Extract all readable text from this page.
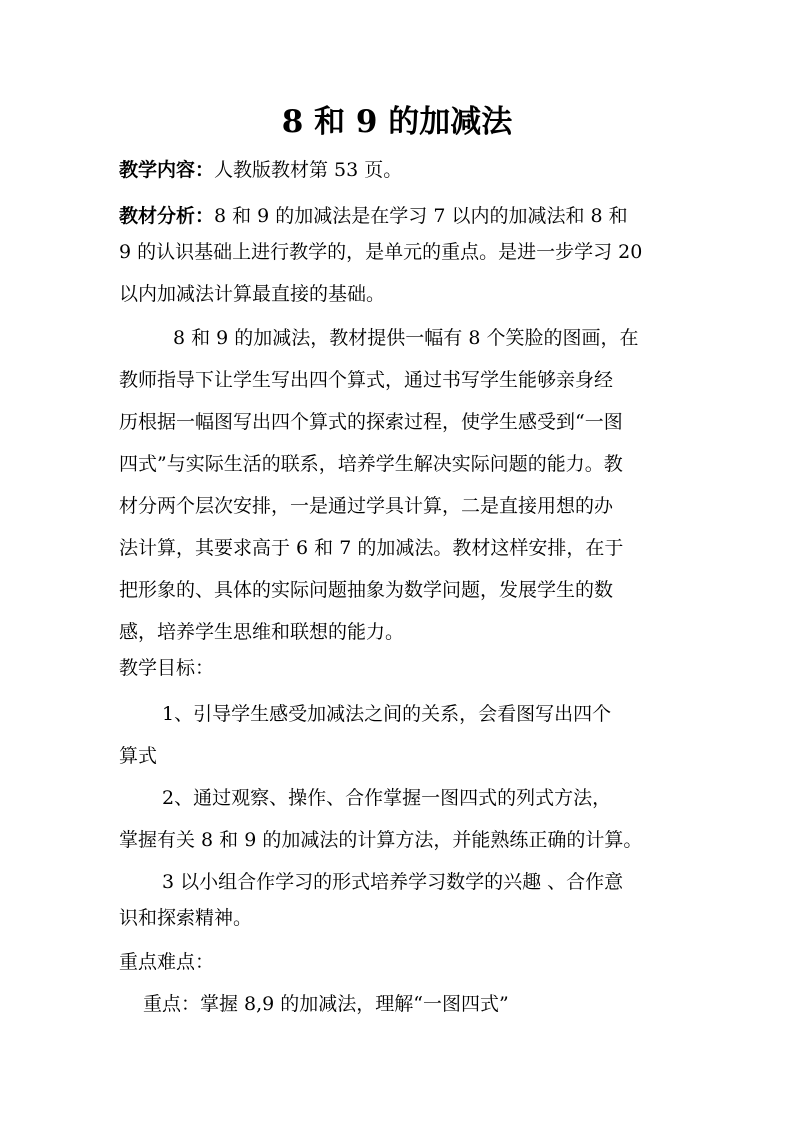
8 和 9 的加减法
教学内容：人教版教材第 53 页。
教材分析：8 和 9 的加减法是在学习 7 以内的加减法和 8 和
9 的认识基础上进行教学的，是单元的重点。是进一步学习 20
以内加减法计算最直接的基础。
8 和 9 的加减法，教材提供一幅有 8 个笑脸的图画，在
教师指导下让学生写出四个算式，通过书写学生能够亲身经
历根据一幅图写出四个算式的探索过程，使学生感受到“一图
四式”与实际生活的联系，培养学生解决实际问题的能力。教
材分两个层次安排，一是通过学具计算，二是直接用想的办
法计算，其要求高于 6 和 7 的加减法。教材这样安排，在于
把形象的、具体的实际问题抽象为数学问题，发展学生的数
感，培养学生思维和联想的能力。
教学目标：
1、引导学生感受加减法之间的关系，会看图写出四个
算式
2、通过观察、操作、合作掌握一图四式的列式方法，
掌握有关 8 和 9 的加减法的计算方法，并能熟练正确的计算。
3 以小组合作学习的形式培养学习数学的兴趣 、合作意
识和探索精神。
重点难点：
重点：掌握 8,9 的加减法，理解“一图四式”
